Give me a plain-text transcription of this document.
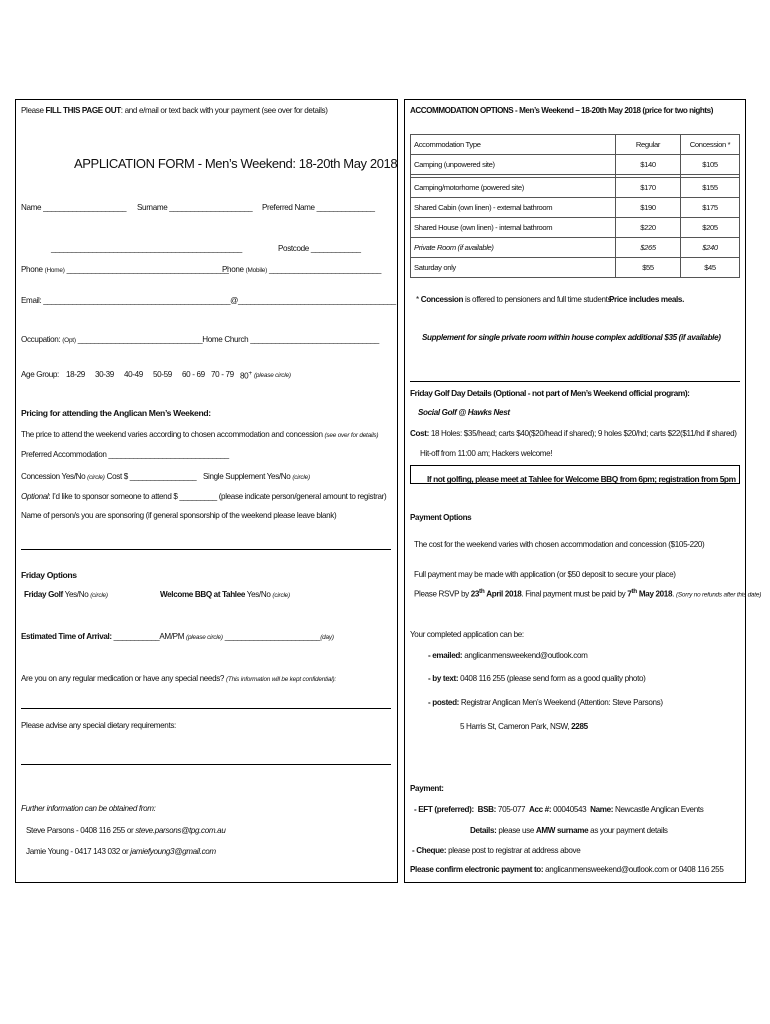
Please FILL THIS PAGE OUT: and e/mail or text back with your payment (see over for details)
APPLICATION FORM - Men’s Weekend: 18-20th May 2018
Name ____________________ Surname ____________________ Preferred Name ______________
______________________________________________	Postcode ____________
Phone (Home) _______________________________________
Phone (Mobile) ___________________________
Email: _____________________________________________@______________________________________
Occupation: (Opt) ______________________________Home Church _______________________________
Age Group: 18-29 30-39 40-49 50-59 60 - 69 70 - 79 80+ (please circle)
Pricing for attending the Anglican Men’s Weekend:
The price to attend the weekend varies according to chosen accommodation and concession (see over for details)
Preferred Accommodation _____________________________
Concession Yes/No (circle) Cost $ ________________ Single Supplement Yes/No (circle)
Optional: I’d like to sponsor someone to attend $ _________ (please indicate person/general amount to registrar)
Name of person/s you are sponsoring (if general sponsorship of the weekend please leave blank)
Friday Options
Friday Golf Yes/No (circle)	Welcome BBQ at Tahlee Yes/No (circle)
Estimated Time of Arrival: ___________AM/PM (please circle) _______________________(day)
Are you on any regular medication or have any special needs? (This information will be kept confidential):
Please advise any special dietary requirements:
Further information can be obtained from:
Steve Parsons - 0408 116 255 or steve.parsons@tpg.com.au
Jamie Young - 0417 143 032 or jamiefyoung3@gmail.com
ACCOMMODATION OPTIONS - Men’s Weekend – 18-20th May 2018 (price for two nights)
Accommodation Type	Regular	Concession *
Camping (unpowered site)	$140	$105

Camping/motorhome (powered site)	$170	$155
Shared Cabin (own linen) - external bathroom	$190	$175
Shared House (own linen) - internal bathroom	$220	$205
Private Room (if available)	$265	$240
Saturday only	$55	$45
* Concession is offered to pensioners and full time students.
Price includes meals.
Supplement for single private room within house complex additional $35 (if available)
Friday Golf Day Details (Optional - not part of Men’s Weekend official program):
Social Golf @ Hawks Nest
Cost: 18 Holes: $35/head; carts $40($20/head if shared); 9 holes $20/hd; carts $22($11/hd if shared)
Hit-off from 11:00 am; Hackers welcome!
If not golfing, please meet at Tahlee for Welcome BBQ from 6pm; registration from 5pm
Payment Options
The cost for the weekend varies with chosen accommodation and concession ($105-220)
Full payment may be made with application (or $50 deposit to secure your place)
Please RSVP by 23th April 2018. Final payment must be paid by 7th May 2018. (Sorry no refunds after this date)
Your completed application can be:
- emailed: anglicanmensweekend@outlook.com
- by text: 0408 116 255 (please send form as a good quality photo)
- posted: Registrar Anglican Men’s Weekend (Attention: Steve Parsons)
5 Harris St, Cameron Park, NSW, 2285
Payment:
- EFT (preferred): BSB: 705-077 Acc #: 00040543 Name: Newcastle Anglican Events
Details: please use AMW surname as your payment details
- Cheque: please post to registrar at address above
Please confirm electronic payment to: anglicanmensweekend@outlook.com or 0408 116 255
